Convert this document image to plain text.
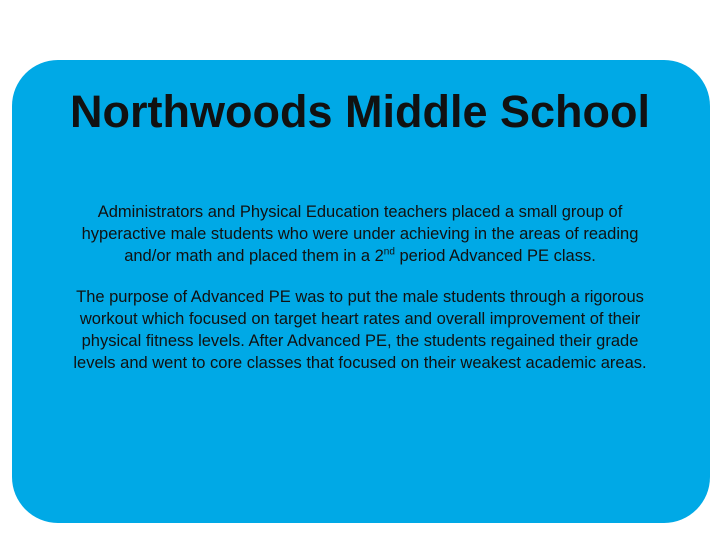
Northwoods Middle School

Administrators and Physical Education teachers placed a small group of
hyperactive male students who were under achieving in the areas of reading
and/or math and placed them in a 2nd period Advanced PE class.

The purpose of Advanced PE was to put the male students through a rigorous
workout which focused on target heart rates and overall improvement of their
physical fitness levels. After Advanced PE, the students regained their grade
levels and went to core classes that focused on their weakest academic areas.
